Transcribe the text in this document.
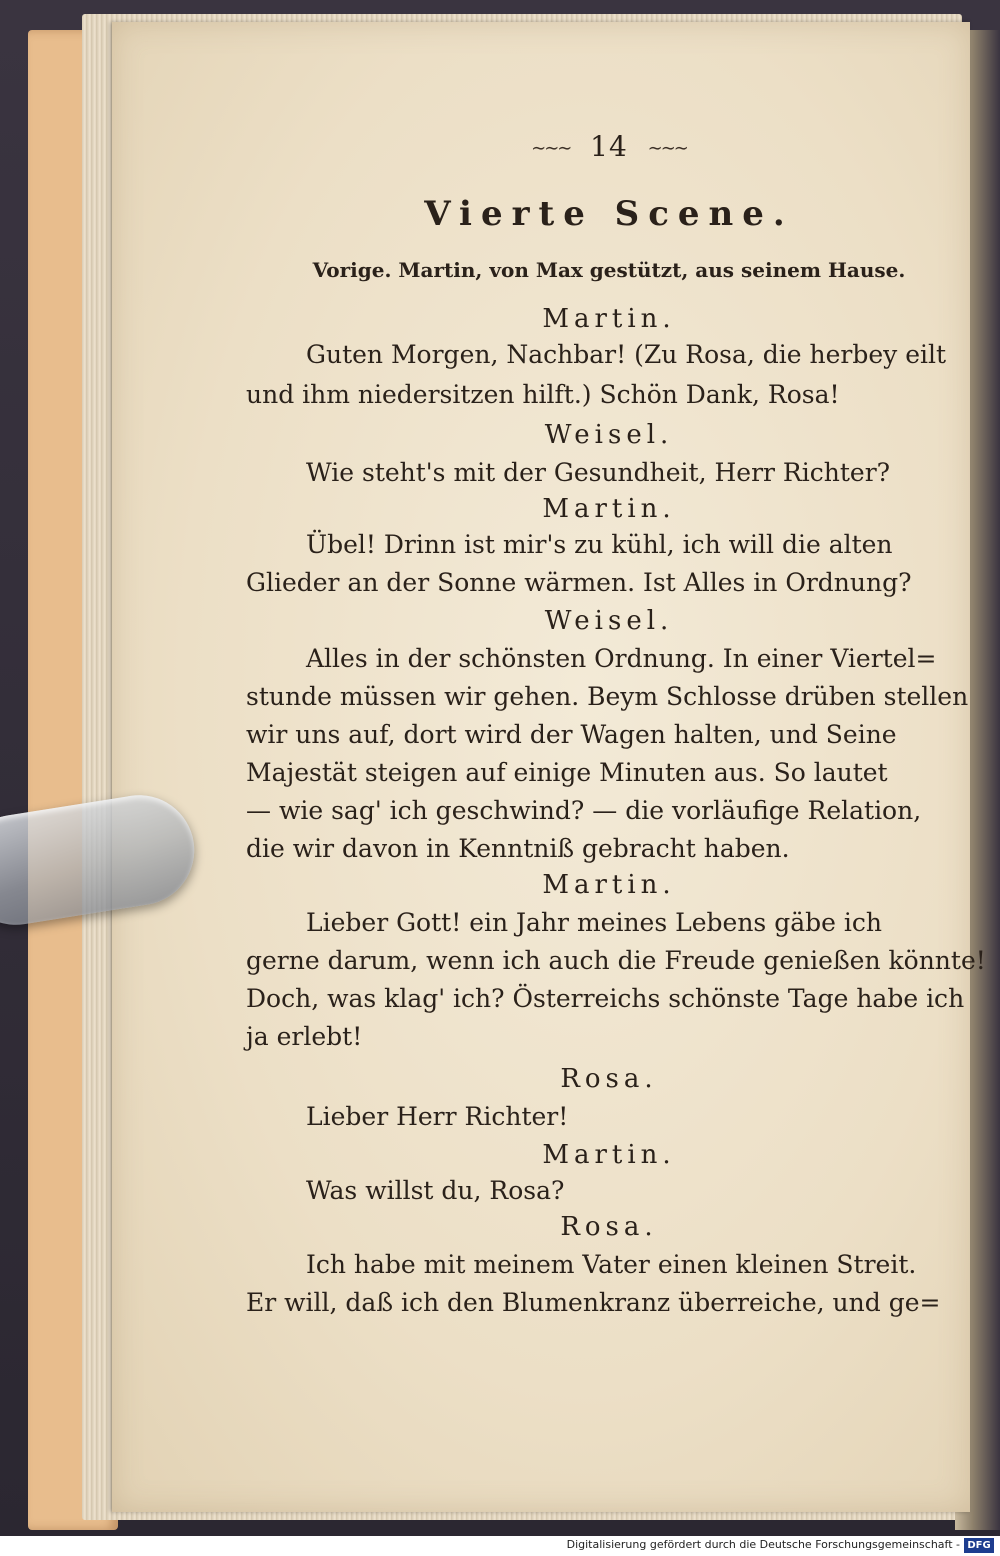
∼∼∼ 14 ∼∼∼
Vierte Scene.
Vorige. Martin, von Max gestützt, aus seinem Hause.
Martin.
Guten Morgen, Nachbar! (Zu Rosa, die herbey eilt
und ihm niedersitzen hilft.) Schön Dank, Rosa!
Weisel.
Wie steht's mit der Gesundheit, Herr Richter?
Martin.
Übel! Drinn ist mir's zu kühl, ich will die alten
Glieder an der Sonne wärmen. Ist Alles in Ordnung?
Weisel.
Alles in der schönsten Ordnung. In einer Viertel=
stunde müssen wir gehen. Beym Schlosse drüben stellen
wir uns auf, dort wird der Wagen halten, und Seine
Majestät steigen auf einige Minuten aus. So lautet
— wie sag' ich geschwind? — die vorläufige Relation,
die wir davon in Kenntniß gebracht haben.
Martin.
Lieber Gott! ein Jahr meines Lebens gäbe ich
gerne darum, wenn ich auch die Freude genießen könnte!
Doch, was klag' ich? Österreichs schönste Tage habe ich
ja erlebt!
Rosa.
Lieber Herr Richter!
Martin.
Was willst du, Rosa?
Rosa.
Ich habe mit meinem Vater einen kleinen Streit.
Er will, daß ich den Blumenkranz überreiche, und ge=
Digitalisierung gefördert durch die Deutsche Forschungsgemeinschaft - DFG
